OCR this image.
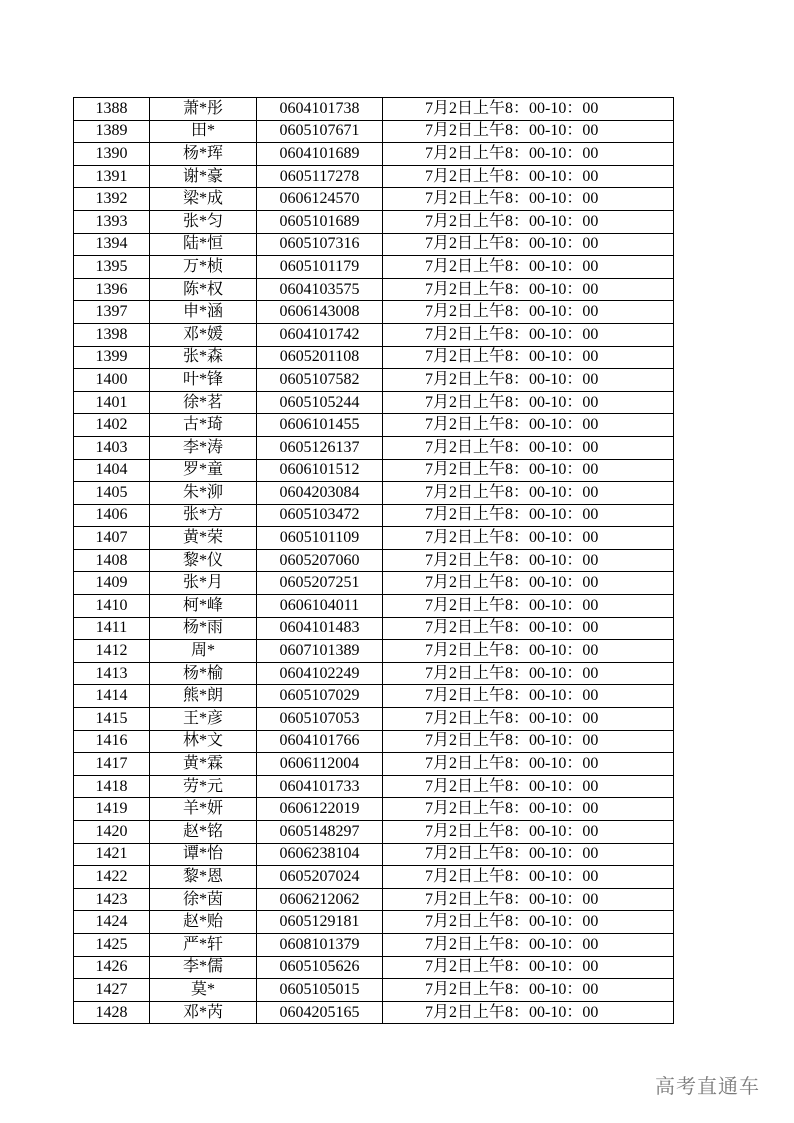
1388	萧*彤	0604101738	7月2日上午8：00-10：00
1389	田*	0605107671	7月2日上午8：00-10：00
1390	杨*珲	0604101689	7月2日上午8：00-10：00
1391	谢*豪	0605117278	7月2日上午8：00-10：00
1392	梁*成	0606124570	7月2日上午8：00-10：00
1393	张*匀	0605101689	7月2日上午8：00-10：00
1394	陆*恒	0605107316	7月2日上午8：00-10：00
1395	万*桢	0605101179	7月2日上午8：00-10：00
1396	陈*权	0604103575	7月2日上午8：00-10：00
1397	申*涵	0606143008	7月2日上午8：00-10：00
1398	邓*媛	0604101742	7月2日上午8：00-10：00
1399	张*森	0605201108	7月2日上午8：00-10：00
1400	叶*锋	0605107582	7月2日上午8：00-10：00
1401	徐*茗	0605105244	7月2日上午8：00-10：00
1402	古*琦	0606101455	7月2日上午8：00-10：00
1403	李*涛	0605126137	7月2日上午8：00-10：00
1404	罗*童	0606101512	7月2日上午8：00-10：00
1405	朱*泖	0604203084	7月2日上午8：00-10：00
1406	张*方	0605103472	7月2日上午8：00-10：00
1407	黄*荣	0605101109	7月2日上午8：00-10：00
1408	黎*仪	0605207060	7月2日上午8：00-10：00
1409	张*月	0605207251	7月2日上午8：00-10：00
1410	柯*峰	0606104011	7月2日上午8：00-10：00
1411	杨*雨	0604101483	7月2日上午8：00-10：00
1412	周*	0607101389	7月2日上午8：00-10：00
1413	杨*榆	0604102249	7月2日上午8：00-10：00
1414	熊*朗	0605107029	7月2日上午8：00-10：00
1415	王*彦	0605107053	7月2日上午8：00-10：00
1416	林*文	0604101766	7月2日上午8：00-10：00
1417	黄*霖	0606112004	7月2日上午8：00-10：00
1418	劳*元	0604101733	7月2日上午8：00-10：00
1419	羊*妍	0606122019	7月2日上午8：00-10：00
1420	赵*铭	0605148297	7月2日上午8：00-10：00
1421	谭*怡	0606238104	7月2日上午8：00-10：00
1422	黎*恩	0605207024	7月2日上午8：00-10：00
1423	徐*茵	0606212062	7月2日上午8：00-10：00
1424	赵*贻	0605129181	7月2日上午8：00-10：00
1425	严*轩	0608101379	7月2日上午8：00-10：00
1426	李*儒	0605105626	7月2日上午8：00-10：00
1427	莫*	0605105015	7月2日上午8：00-10：00
1428	邓*芮	0604205165	7月2日上午8：00-10：00
高考直通车
